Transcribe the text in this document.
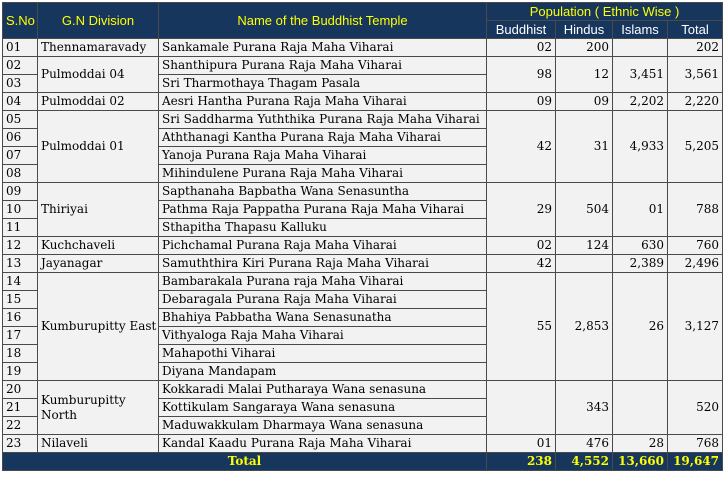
S.No	G.N Division	Name of the Buddhist Temple	Population ( Ethnic Wise )			
			Buddhist	Hindus	Islams	Total
01	Thennamaravady	Sankamale Purana Raja Maha Viharai	02	200		202
02	Pulmoddai 04	Shanthipura Purana Raja Maha Viharai	98	12	3,451	3,561
03		Sri Tharmothaya Thagam Pasala				
04	Pulmoddai 02	Aesri Hantha Purana Raja Maha Viharai	09	09	2,202	2,220
05	Pulmoddai 01	Sri Saddharma Yuththika Purana Raja Maha Viharai	42	31	4,933	5,205
06		Aththanagi Kantha Purana Raja Maha Viharai				
07		Yanoja Purana Raja Maha Viharai				
08		Mihindulene Purana Raja Maha Viharai				
09	Thiriyai	Sapthanaha Bapbatha Wana Senasuntha	29	504	01	788
10		Pathma Raja Pappatha Purana Raja Maha Viharai				
11		Sthapitha Thapasu Kalluku				
12	Kuchchaveli	Pichchamal Purana Raja Maha Viharai	02	124	630	760
13	Jayanagar	Samuththira Kiri Purana Raja Maha Viharai	42		2,389	2,496
14	Kumburupitty East	Bambarakala Purana raja Maha Viharai	55	2,853	26	3,127
15		Debaragala Purana Raja Maha Viharai				
16		Bhahiya Pabbatha Wana Senasunatha				
17		Vithyaloga Raja Maha Viharai				
18		Mahapothi Viharai				
19		Diyana Mandapam				
20	Kumburupitty North	Kokkaradi Malai Putharaya Wana senasuna		343		520
21		Kottikulam Sangaraya Wana senasuna				
22		Maduwakkulam Dharmaya Wana senasuna				
23	Nilaveli	Kandal Kaadu Purana Raja Maha Viharai	01	476	28	768
Total			238	4,552	13,660	19,647
